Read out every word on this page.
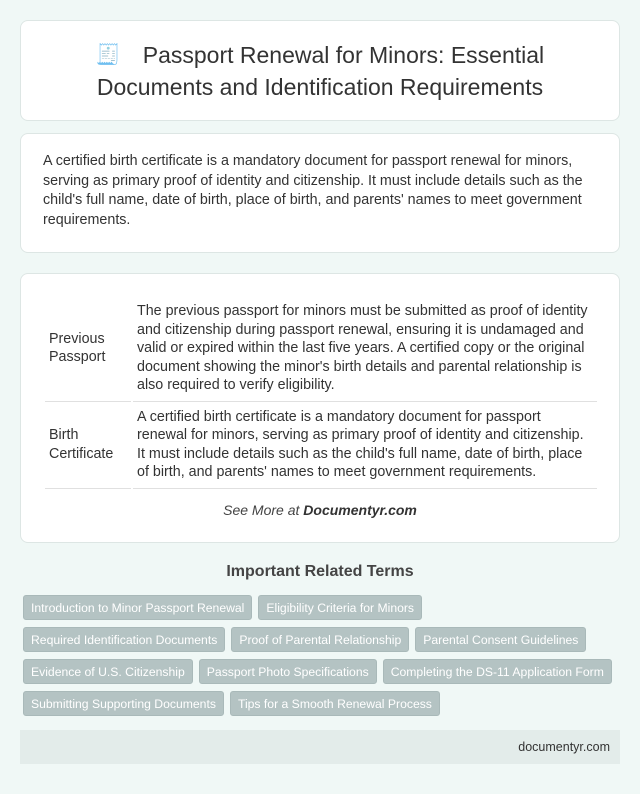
🧾 Passport Renewal for Minors: Essential Documents and Identification Requirements

A certified birth certificate is a mandatory document for passport renewal for minors, serving as primary proof of identity and citizenship. It must include details such as the child's full name, date of birth, place of birth, and parents' names to meet government requirements.

Previous Passport	The previous passport for minors must be submitted as proof of identity and citizenship during passport renewal, ensuring it is undamaged and valid or expired within the last five years. A certified copy or the original document showing the minor's birth details and parental relationship is also required to verify eligibility.
Birth Certificate	A certified birth certificate is a mandatory document for passport renewal for minors, serving as primary proof of identity and citizenship. It must include details such as the child's full name, date of birth, place of birth, and parents' names to meet government requirements.
See More at Documentyr.com
Important Related Terms
Introduction to Minor Passport Renewal	Eligibility Criteria for Minors
Required Identification Documents	Proof of Parental Relationship	Parental Consent Guidelines
Evidence of U.S. Citizenship	Passport Photo Specifications	Completing the DS-11 Application Form
Submitting Supporting Documents	Tips for a Smooth Renewal Process
documentyr.com
